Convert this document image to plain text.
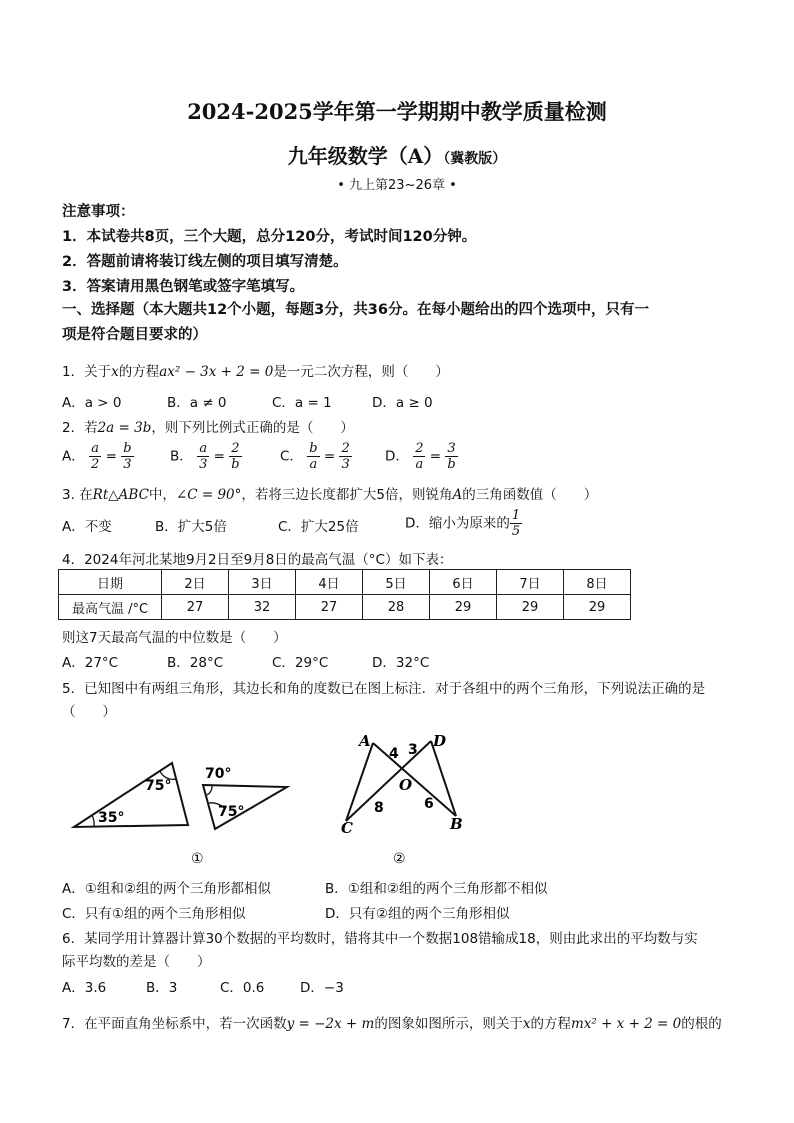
2024-2025学年第一学期期中教学质量检测
九年级数学（A）（冀教版）
• 九上第23~26章 •
注意事项：
1．本试卷共8页，三个大题，总分120分，考试时间120分钟。
2．答题前请将装订线左侧的项目填写清楚。
3．答案请用黑色钢笔或签字笔填写。
一、选择题（本大题共12个小题，每题3分，共36分。在每小题给出的四个选项中，只有一
项是符合题目要求的）
1．关于x的方程ax² − 3x + 2 = 0是一元二次方程，则（　　）
A．a > 0	B．a ≠ 0	C．a = 1	D．a ≥ 0
2．若2a = 3b，则下列比例式正确的是（　　）
A． $\frac{a}{2} = \frac{b}{3}$	B． $\frac{a}{3} = \frac{2}{b}$	C． $\frac{b}{a} = \frac{2}{3}$ D． $\frac{2}{a} = \frac{3}{b}$
3. 在Rt△ABC中，∠C = 90°，若将三边长度都扩大5倍，则锐角A的三角函数值（　　）
A．不变	B．扩大5倍	C．扩大25倍	D．缩小为原来的 $\frac{1}{5}$
4．2024年河北某地9月2日至9月8日的最高气温（°C）如下表：
日期	2日	3日	4日	5日	6日	7日	8日
最高气温 /°C	27	32	27	28	29	29	29
则这7天最高气温的中位数是（　　）
A．27°C	B．28°C	C．29°C	D．32°C
5．已知图中有两组三角形，其边长和角的度数已在图上标注．对于各组中的两个三角形，下列说法正确的是
（　　）
75°
35°
70°
75°
①
A	D
C	B
O
4 3
8	6
②
A．①组和②组的两个三角形都相似	B．①组和②组的两个三角形都不相似
C．只有①组的两个三角形相似	D．只有②组的两个三角形相似
6．某同学用计算器计算30个数据的平均数时，错将其中一个数据108错输成18，则由此求出的平均数与实
际平均数的差是（　　）
A．3.6	B．3	C．0.6	D．−3
7．在平面直角坐标系中，若一次函数y = −2x + m的图象如图所示，则关于x的方程mx² + x + 2 = 0的根的
